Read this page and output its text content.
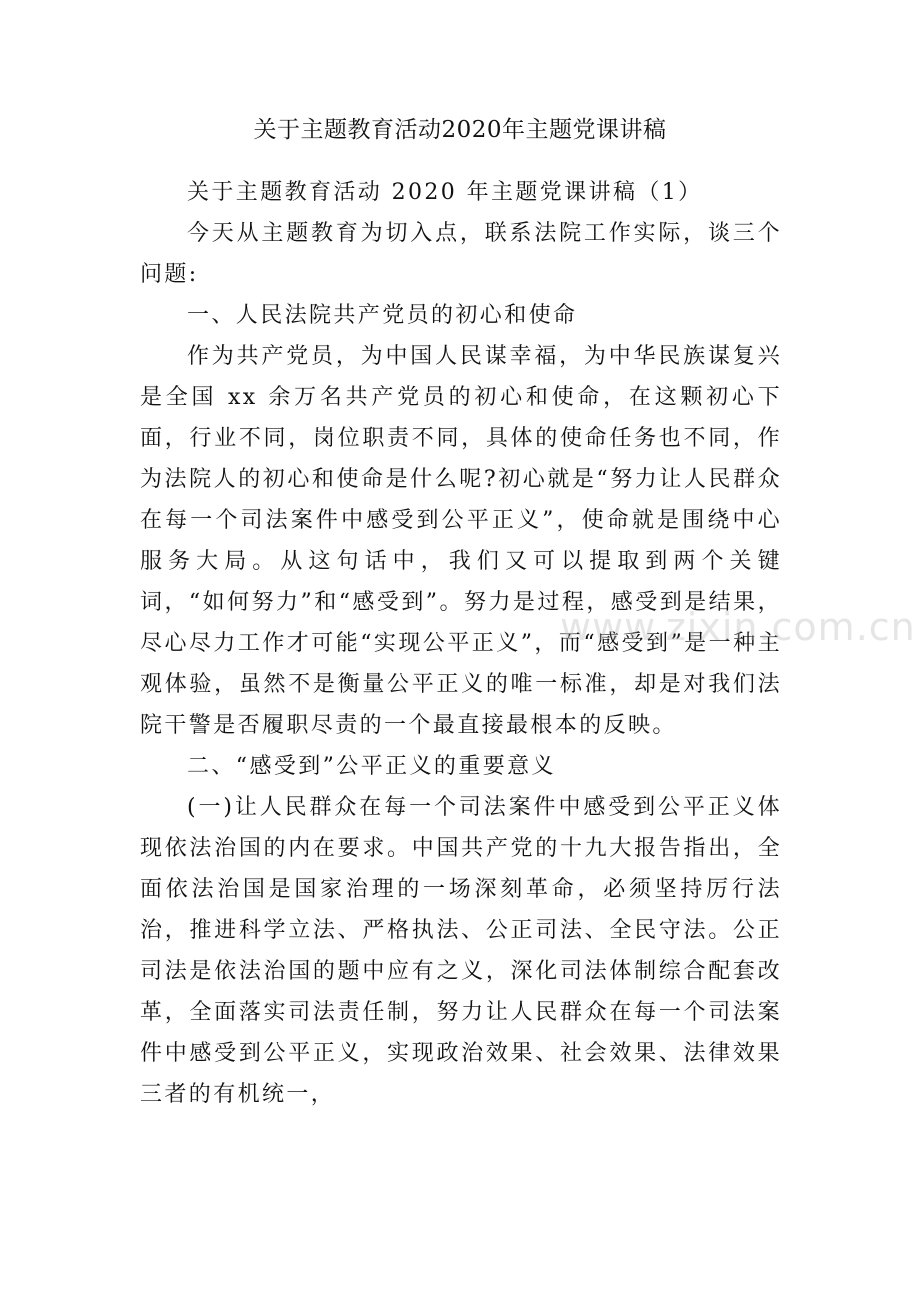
关于主题教育活动2020年主题党课讲稿

关于主题教育活动 2020 年主题党课讲稿（1）

今天从主题教育为切入点，联系法院工作实际，谈三个问题:

一、人民法院共产党员的初心和使命

作为共产党员，为中国人民谋幸福，为中华民族谋复兴是全国 xx 余万名共产党员的初心和使命，在这颗初心下面，行业不同，岗位职责不同，具体的使命任务也不同，作为法院人的初心和使命是什么呢?初心就是“努力让人民群众在每一个司法案件中感受到公平正义”，使命就是围绕中心服务大局。从这句话中，我们又可以提取到两个关键词，“如何努力”和“感受到”。努力是过程，感受到是结果，尽心尽力工作才可能“实现公平正义”，而“感受到”是一种主观体验，虽然不是衡量公平正义的唯一标准，却是对我们法院干警是否履职尽责的一个最直接最根本的反映。

二、“感受到”公平正义的重要意义

(一)让人民群众在每一个司法案件中感受到公平正义体现依法治国的内在要求。中国共产党的十九大报告指出，全面依法治国是国家治理的一场深刻革命，必须坚持厉行法治，推进科学立法、严格执法、公正司法、全民守法。公正司法是依法治国的题中应有之义，深化司法体制综合配套改革，全面落实司法责任制，努力让人民群众在每一个司法案件中感受到公平正义，实现政治效果、社会效果、法律效果三者的有机统一，

www.zixin.com.cn
